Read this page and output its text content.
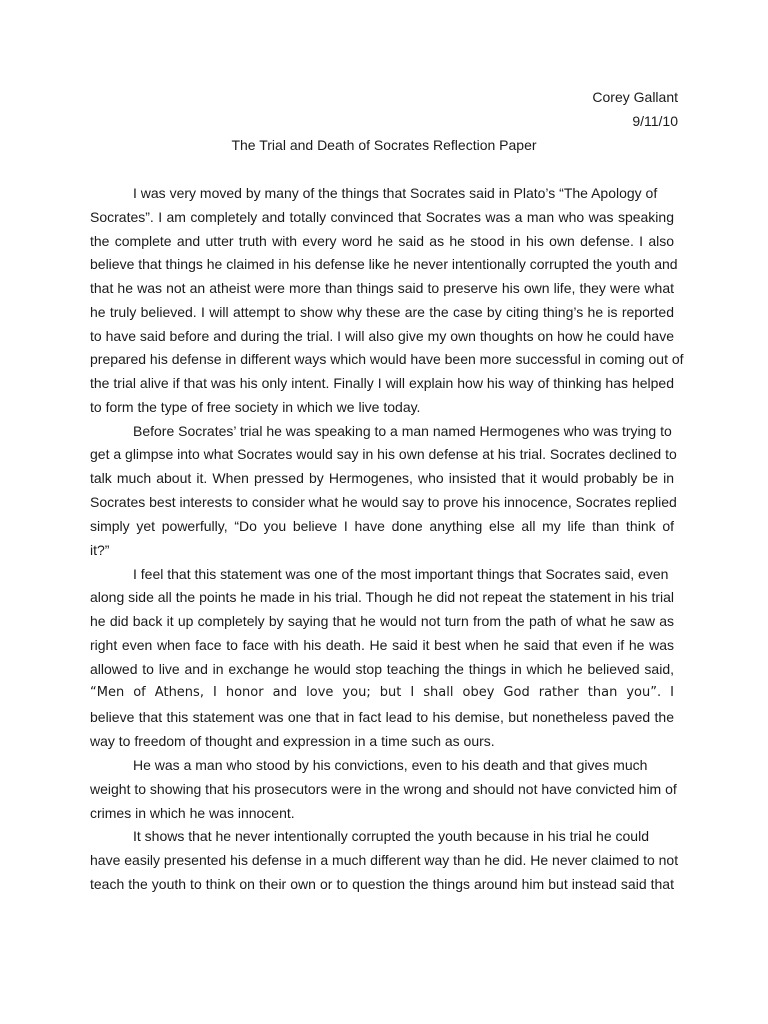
Corey Gallant
9/11/10
The Trial and Death of Socrates Reflection Paper
I was very moved by many of the things that Socrates said in Plato’s “The Apology of
Socrates”. I am completely and totally convinced that Socrates was a man who was speaking
the complete and utter truth with every word he said as he stood in his own defense. I also
believe that things he claimed in his defense like he never intentionally corrupted the youth and
that he was not an atheist were more than things said to preserve his own life, they were what
he truly believed. I will attempt to show why these are the case by citing thing’s he is reported
to have said before and during the trial. I will also give my own thoughts on how he could have
prepared his defense in different ways which would have been more successful in coming out of
the trial alive if that was his only intent. Finally I will explain how his way of thinking has helped
to form the type of free society in which we live today.
Before Socrates’ trial he was speaking to a man named Hermogenes who was trying to
get a glimpse into what Socrates would say in his own defense at his trial. Socrates declined to
talk much about it. When pressed by Hermogenes, who insisted that it would probably be in
Socrates best interests to consider what he would say to prove his innocence, Socrates replied
simply yet powerfully, “Do you believe I have done anything else all my life than think of
it?”
I feel that this statement was one of the most important things that Socrates said, even
along side all the points he made in his trial. Though he did not repeat the statement in his trial
he did back it up completely by saying that he would not turn from the path of what he saw as
right even when face to face with his death. He said it best when he said that even if he was
allowed to live and in exchange he would stop teaching the things in which he believed said,
“Men of Athens, I honor and love you; but I shall obey God rather than you”. I
believe that this statement was one that in fact lead to his demise, but nonetheless paved the
way to freedom of thought and expression in a time such as ours.
He was a man who stood by his convictions, even to his death and that gives much
weight to showing that his prosecutors were in the wrong and should not have convicted him of
crimes in which he was innocent.
It shows that he never intentionally corrupted the youth because in his trial he could
have easily presented his defense in a much different way than he did. He never claimed to not
teach the youth to think on their own or to question the things around him but instead said that
